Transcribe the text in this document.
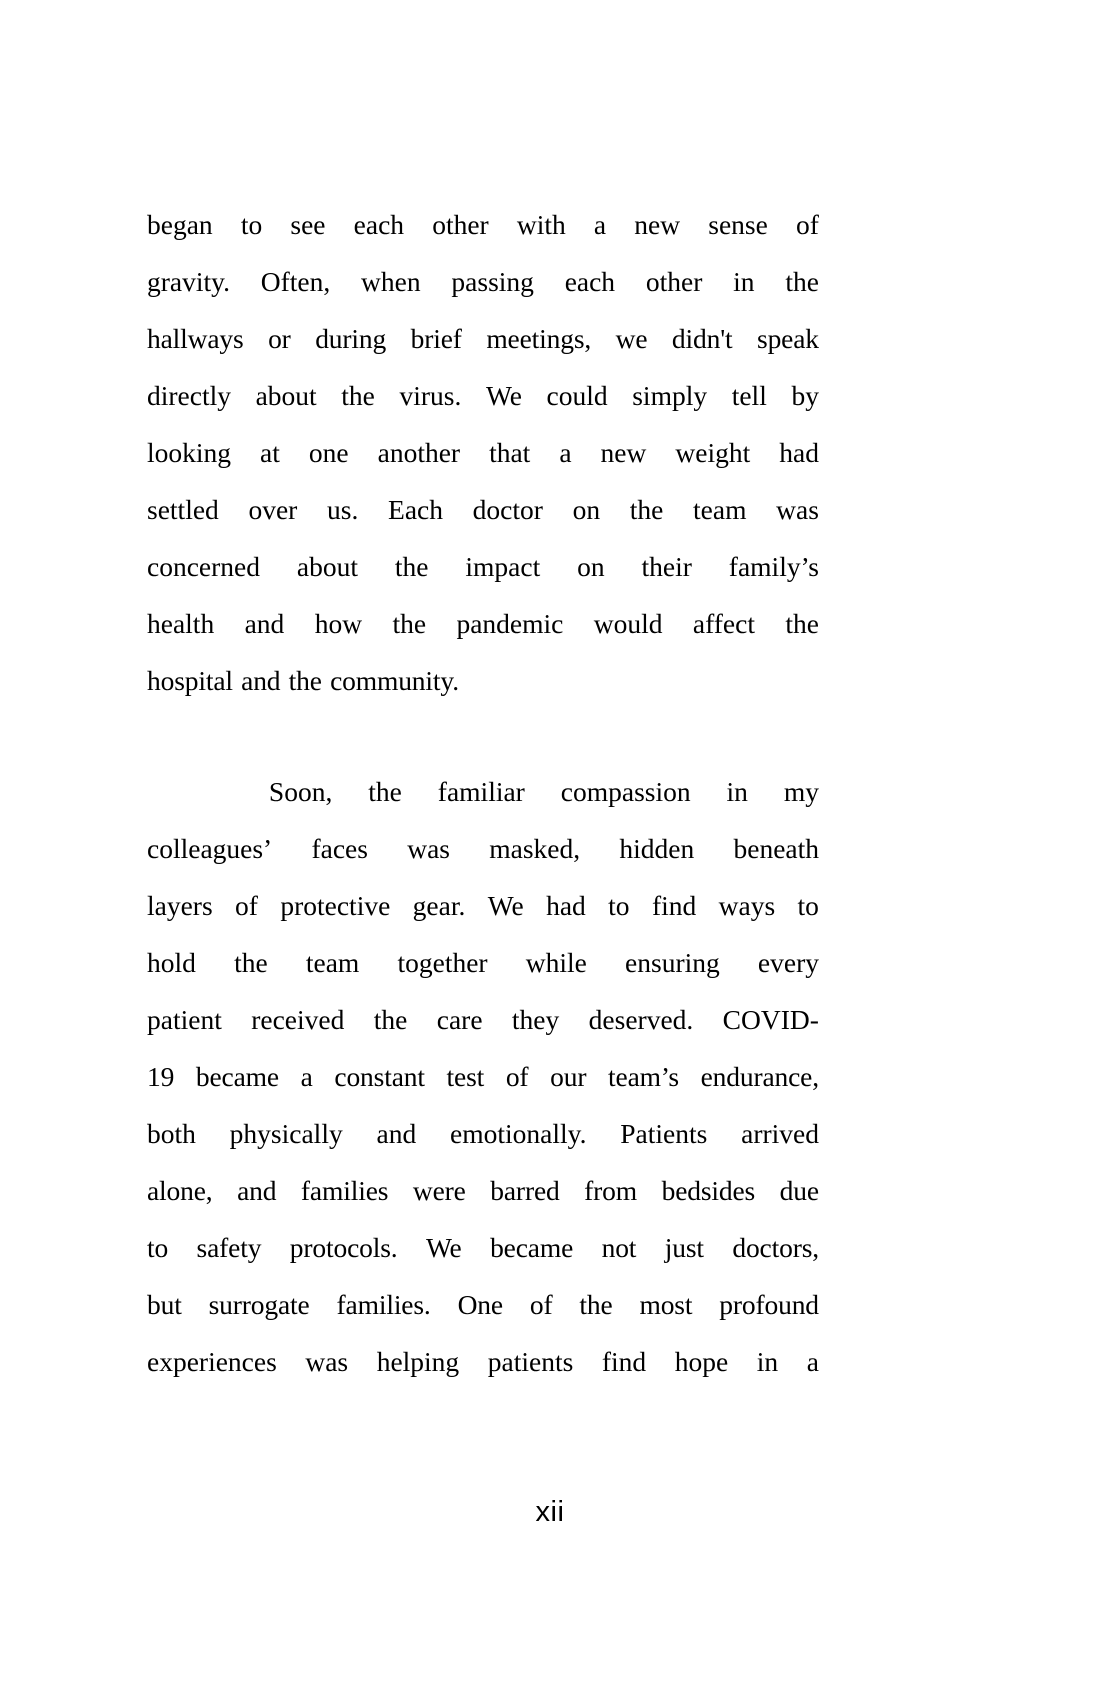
began to see each other with a new sense of
gravity. Often, when passing each other in the
hallways or during brief meetings, we didn't speak
directly about the virus. We could simply tell by
looking at one another that a new weight had
settled over us. Each doctor on the team was
concerned about the impact on their family’s
health and how the pandemic would affect the
hospital and the community.
Soon, the familiar compassion in my
colleagues’ faces was masked, hidden beneath
layers of protective gear. We had to find ways to
hold the team together while ensuring every
patient received the care they deserved. COVID-
19 became a constant test of our team’s endurance,
both physically and emotionally. Patients arrived
alone, and families were barred from bedsides due
to safety protocols. We became not just doctors,
but surrogate families. One of the most profound
experiences was helping patients find hope in a
xii
